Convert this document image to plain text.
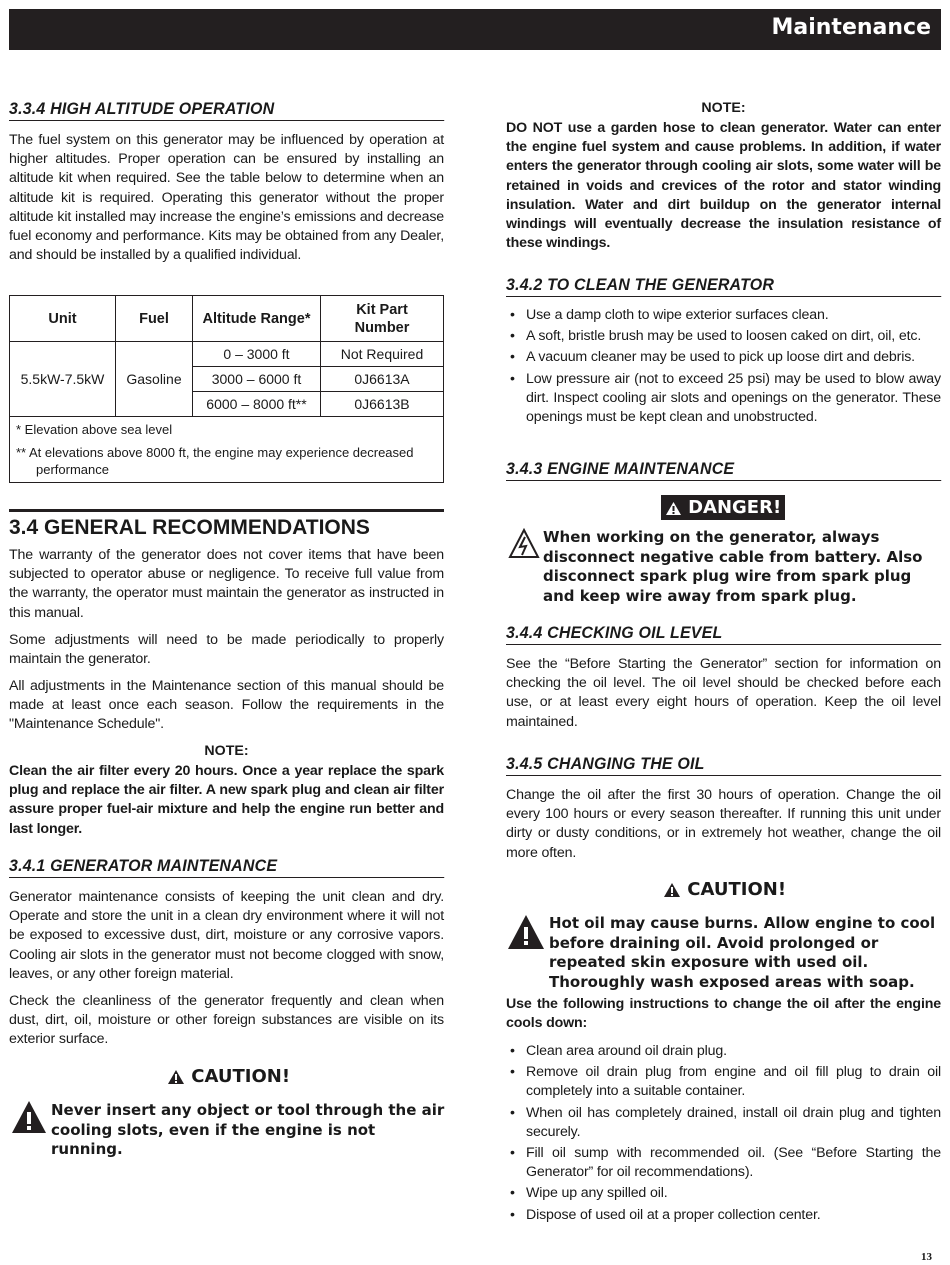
Maintenance
3.3.4 HIGH ALTITUDE OPERATION
The fuel system on this generator may be influenced by operation at higher altitudes. Proper operation can be ensured by installing an altitude kit when required. See the table below to determine when an altitude kit is required. Operating this generator without the proper altitude kit installed may increase the engine’s emissions and decrease fuel economy and performance. Kits may be obtained from any Dealer, and should be installed by a qualified individual.
Unit	Fuel	Altitude Range*	Kit Part Number
5.5kW-7.5kW	Gasoline	0 – 3000 ft	Not Required
		3000 – 6000 ft	0J6613A
		6000 – 8000 ft**	0J6613B

* Elevation above sea level
** At elevations above 8000 ft, the engine may experience decreased performance			
3.4 GENERAL RECOMMENDATIONS
The warranty of the generator does not cover items that have been subjected to operator abuse or negligence. To receive full value from the warranty, the operator must maintain the generator as instructed in this manual.
Some adjustments will need to be made periodically to properly maintain the generator.
All adjustments in the Maintenance section of this manual should be made at least once each season. Follow the requirements in the "Maintenance Schedule".
NOTE:
Clean the air filter every 20 hours. Once a year replace the spark plug and replace the air filter. A new spark plug and clean air filter assure proper fuel-air mixture and help the engine run better and last longer.
3.4.1 GENERATOR MAINTENANCE
Generator maintenance consists of keeping the unit clean and dry. Operate and store the unit in a clean dry environment where it will not be exposed to excessive dust, dirt, moisture or any corrosive vapors. Cooling air slots in the generator must not become clogged with snow, leaves, or any other foreign material.
Check the cleanliness of the generator frequently and clean when dust, dirt, oil, moisture or other foreign substances are visible on its exterior surface.
CAUTION!
Never insert any object or tool through the air cooling slots, even if the engine is not running.
NOTE:
DO NOT use a garden hose to clean generator. Water can enter the engine fuel system and cause problems. In addition, if water enters the generator through cooling air slots, some water will be retained in voids and crevices of the rotor and stator winding insulation. Water and dirt buildup on the generator internal windings will eventually decrease the insulation resistance of these windings.
3.4.2 TO CLEAN THE GENERATOR
• Use a damp cloth to wipe exterior surfaces clean.
• A soft, bristle brush may be used to loosen caked on dirt, oil, etc.
• A vacuum cleaner may be used to pick up loose dirt and debris.
• Low pressure air (not to exceed 25 psi) may be used to blow away dirt. Inspect cooling air slots and openings on the generator. These openings must be kept clean and unobstructed.
3.4.3 ENGINE MAINTENANCE
DANGER!
When working on the generator, always disconnect negative cable from battery. Also disconnect spark plug wire from spark plug and keep wire away from spark plug.
3.4.4 CHECKING OIL LEVEL
See the “Before Starting the Generator” section for information on checking the oil level. The oil level should be checked before each use, or at least every eight hours of operation. Keep the oil level maintained.
3.4.5 CHANGING THE OIL
Change the oil after the first 30 hours of operation. Change the oil every 100 hours or every season thereafter. If running this unit under dirty or dusty conditions, or in extremely hot weather, change the oil more often.
CAUTION!
Hot oil may cause burns. Allow engine to cool before draining oil. Avoid prolonged or repeated skin exposure with used oil. Thoroughly wash exposed areas with soap.
Use the following instructions to change the oil after the engine cools down:
• Clean area around oil drain plug.
• Remove oil drain plug from engine and oil fill plug to drain oil completely into a suitable container.
• When oil has completely drained, install oil drain plug and tighten securely.
• Fill oil sump with recommended oil. (See “Before Starting the Generator” for oil recommendations).
• Wipe up any spilled oil.
• Dispose of used oil at a proper collection center.
13
